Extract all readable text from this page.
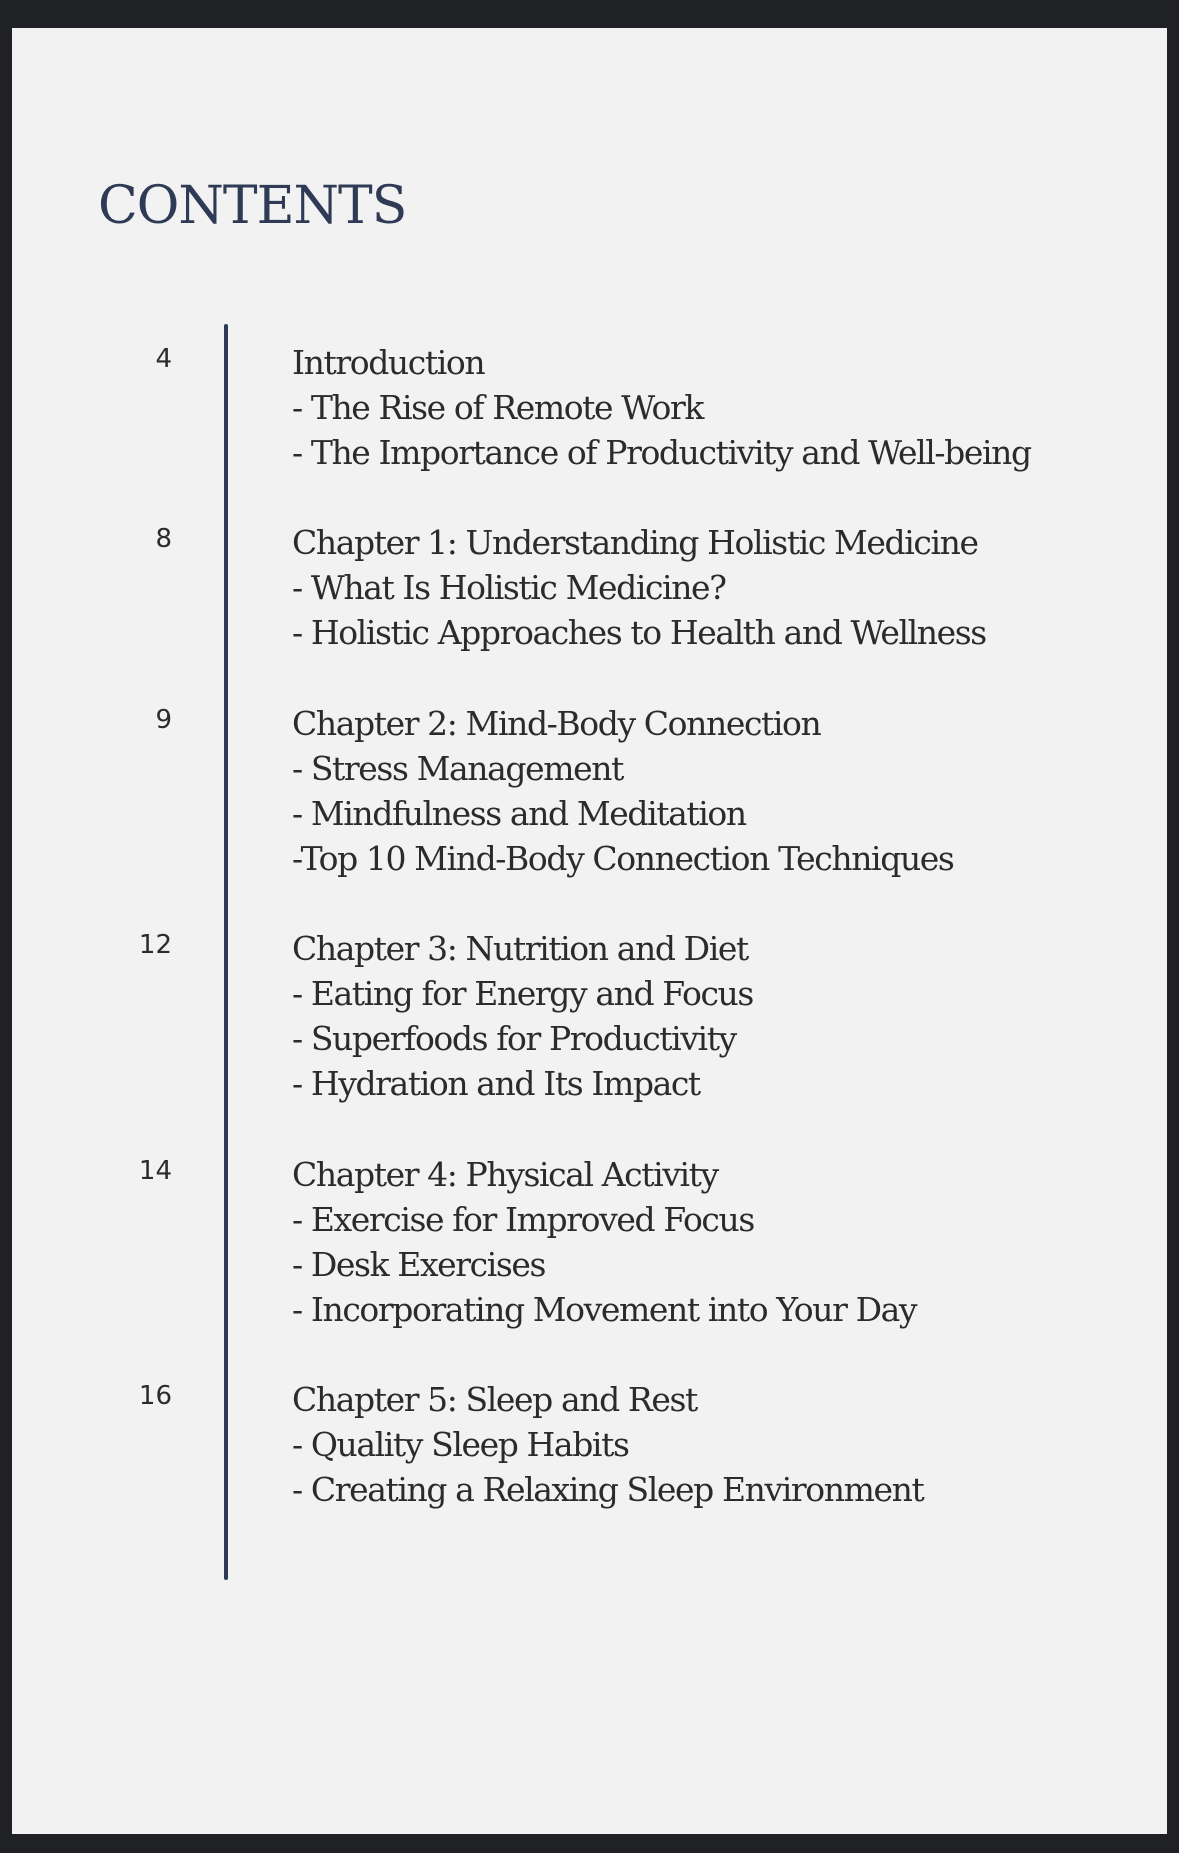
CONTENTS
4	Introduction
- The Rise of Remote Work
- The Importance of Productivity and Well-being
8	Chapter 1: Understanding Holistic Medicine
- What Is Holistic Medicine?
- Holistic Approaches to Health and Wellness
9	Chapter 2: Mind-Body Connection
- Stress Management
- Mindfulness and Meditation
-Top 10 Mind-Body Connection Techniques
12	Chapter 3: Nutrition and Diet
- Eating for Energy and Focus
- Superfoods for Productivity
- Hydration and Its Impact
14	Chapter 4: Physical Activity
- Exercise for Improved Focus
- Desk Exercises
- Incorporating Movement into Your Day
16	Chapter 5: Sleep and Rest
- Quality Sleep Habits
- Creating a Relaxing Sleep Environment
